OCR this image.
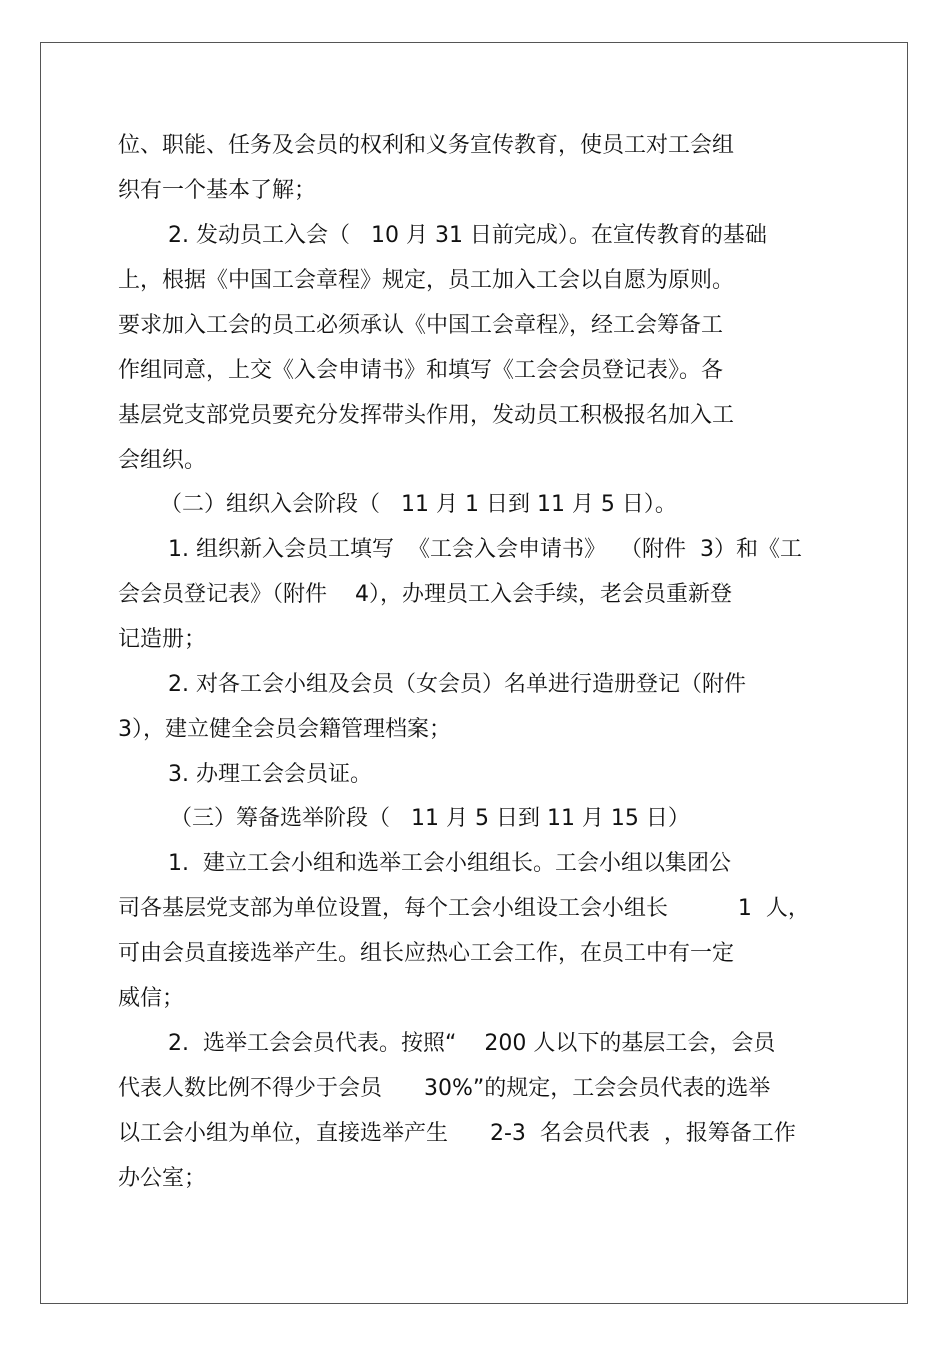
位、职能、任务及会员的权利和义务宣传教育，使员工对工会组

织有一个基本了解；

2. 发动员工入会（   10 月 31 日前完成）。在宣传教育的基础

上，根据《中国工会章程》规定，员工加入工会以自愿为原则。

要求加入工会的员工必须承认《中国工会章程》，经工会筹备工

作组同意，上交《入会申请书》和填写《工会会员登记表》。各

基层党支部党员要充分发挥带头作用，发动员工积极报名加入工

会组织。

（二）组织入会阶段（   11 月 1 日到 11 月 5 日）。

1. 组织新入会员工填写  《工会入会申请书》  （附件  3）和《工

会会员登记表》（附件    4），办理员工入会手续，老会员重新登

记造册；

2. 对各工会小组及会员（女会员）名单进行造册登记（附件

3），建立健全会员会籍管理档案；

3. 办理工会会员证。

（三）筹备选举阶段（   11 月 5 日到 11 月 15 日）

1.  建立工会小组和选举工会小组组长。工会小组以集团公

司各基层党支部为单位设置，每个工会小组设工会小组长          1  人，

可由会员直接选举产生。组长应热心工会工作，在员工中有一定

威信；

2.  选举工会会员代表。按照“    200 人以下的基层工会，会员

代表人数比例不得少于会员      30%”的规定，工会会员代表的选举

以工会小组为单位，直接选举产生      2-3  名会员代表  ，报筹备工作

办公室；
